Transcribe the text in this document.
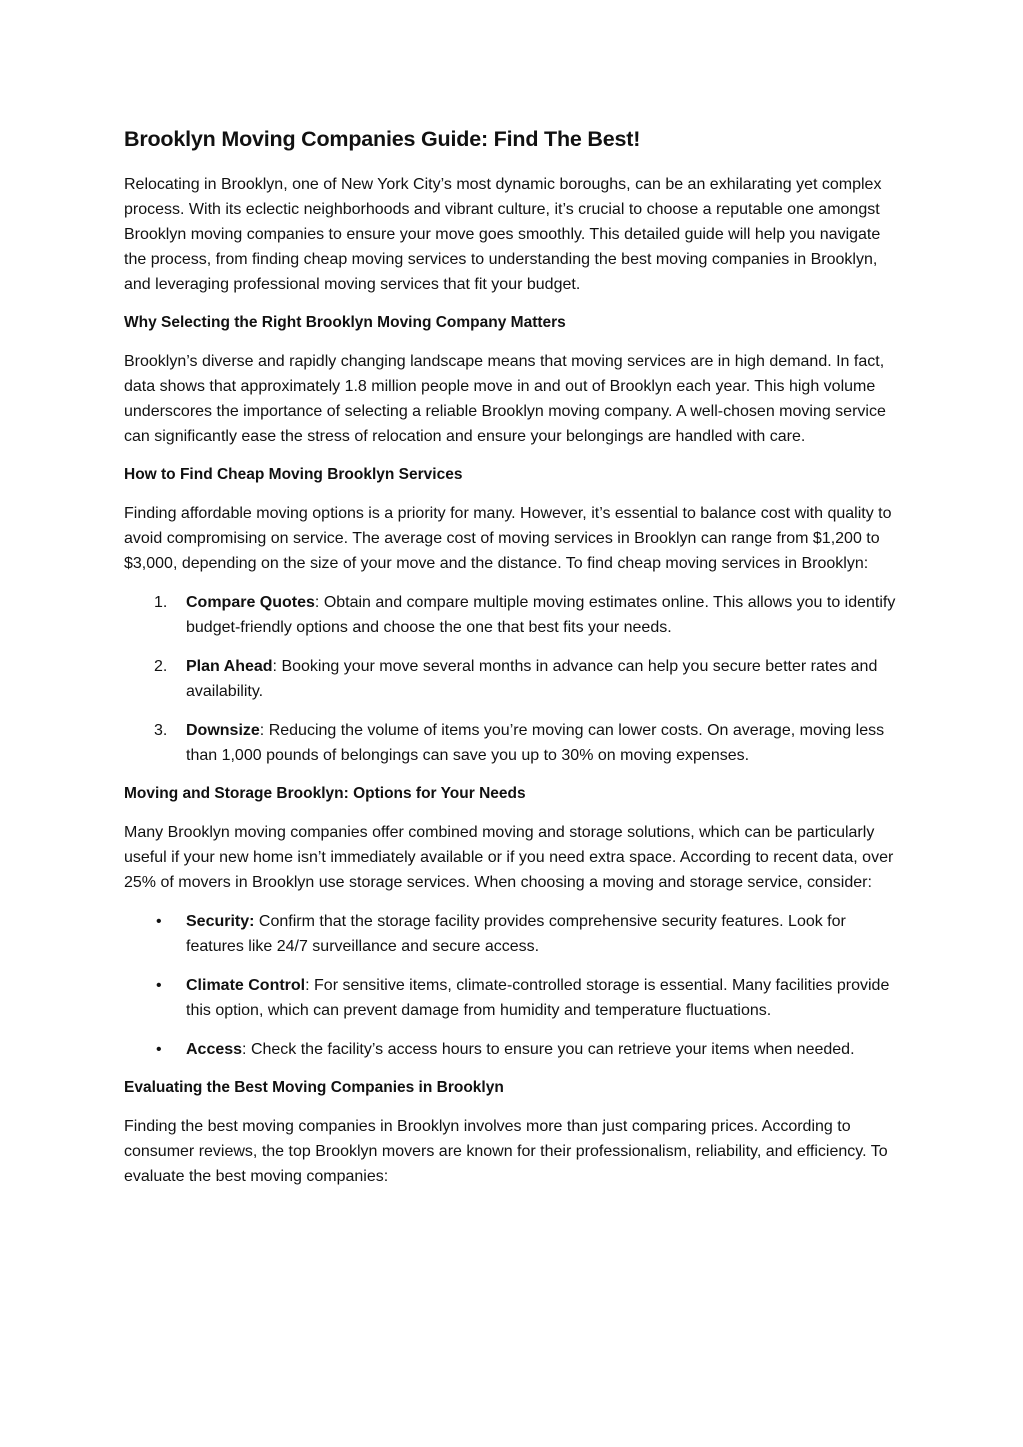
Brooklyn Moving Companies Guide: Find The Best!

Relocating in Brooklyn, one of New York City’s most dynamic boroughs, can be an exhilarating yet complex process. With its eclectic neighborhoods and vibrant culture, it’s crucial to choose a reputable one amongst Brooklyn moving companies to ensure your move goes smoothly. This detailed guide will help you navigate the process, from finding cheap moving services to understanding the best moving companies in Brooklyn, and leveraging professional moving services that fit your budget.

Why Selecting the Right Brooklyn Moving Company Matters

Brooklyn’s diverse and rapidly changing landscape means that moving services are in high demand. In fact, data shows that approximately 1.8 million people move in and out of Brooklyn each year. This high volume underscores the importance of selecting a reliable Brooklyn moving company. A well-chosen moving service can significantly ease the stress of relocation and ensure your belongings are handled with care.

How to Find Cheap Moving Brooklyn Services

Finding affordable moving options is a priority for many. However, it’s essential to balance cost with quality to avoid compromising on service. The average cost of moving services in Brooklyn can range from $1,200 to $3,000, depending on the size of your move and the distance. To find cheap moving services in Brooklyn:

1.	Compare Quotes: Obtain and compare multiple moving estimates online. This allows you to identify budget-friendly options and choose the one that best fits your needs.
2.	Plan Ahead: Booking your move several months in advance can help you secure better rates and availability.
3.	Downsize: Reducing the volume of items you’re moving can lower costs. On average, moving less than 1,000 pounds of belongings can save you up to 30% on moving expenses.
Moving and Storage Brooklyn: Options for Your Needs

Many Brooklyn moving companies offer combined moving and storage solutions, which can be particularly useful if your new home isn’t immediately available or if you need extra space. According to recent data, over 25% of movers in Brooklyn use storage services. When choosing a moving and storage service, consider:

•	Security: Confirm that the storage facility provides comprehensive security features. Look for features like 24/7 surveillance and secure access.
•	Climate Control: For sensitive items, climate-controlled storage is essential. Many facilities provide this option, which can prevent damage from humidity and temperature fluctuations.
•	Access: Check the facility’s access hours to ensure you can retrieve your items when needed.
Evaluating the Best Moving Companies in Brooklyn

Finding the best moving companies in Brooklyn involves more than just comparing prices. According to consumer reviews, the top Brooklyn movers are known for their professionalism, reliability, and efficiency. To evaluate the best moving companies:
